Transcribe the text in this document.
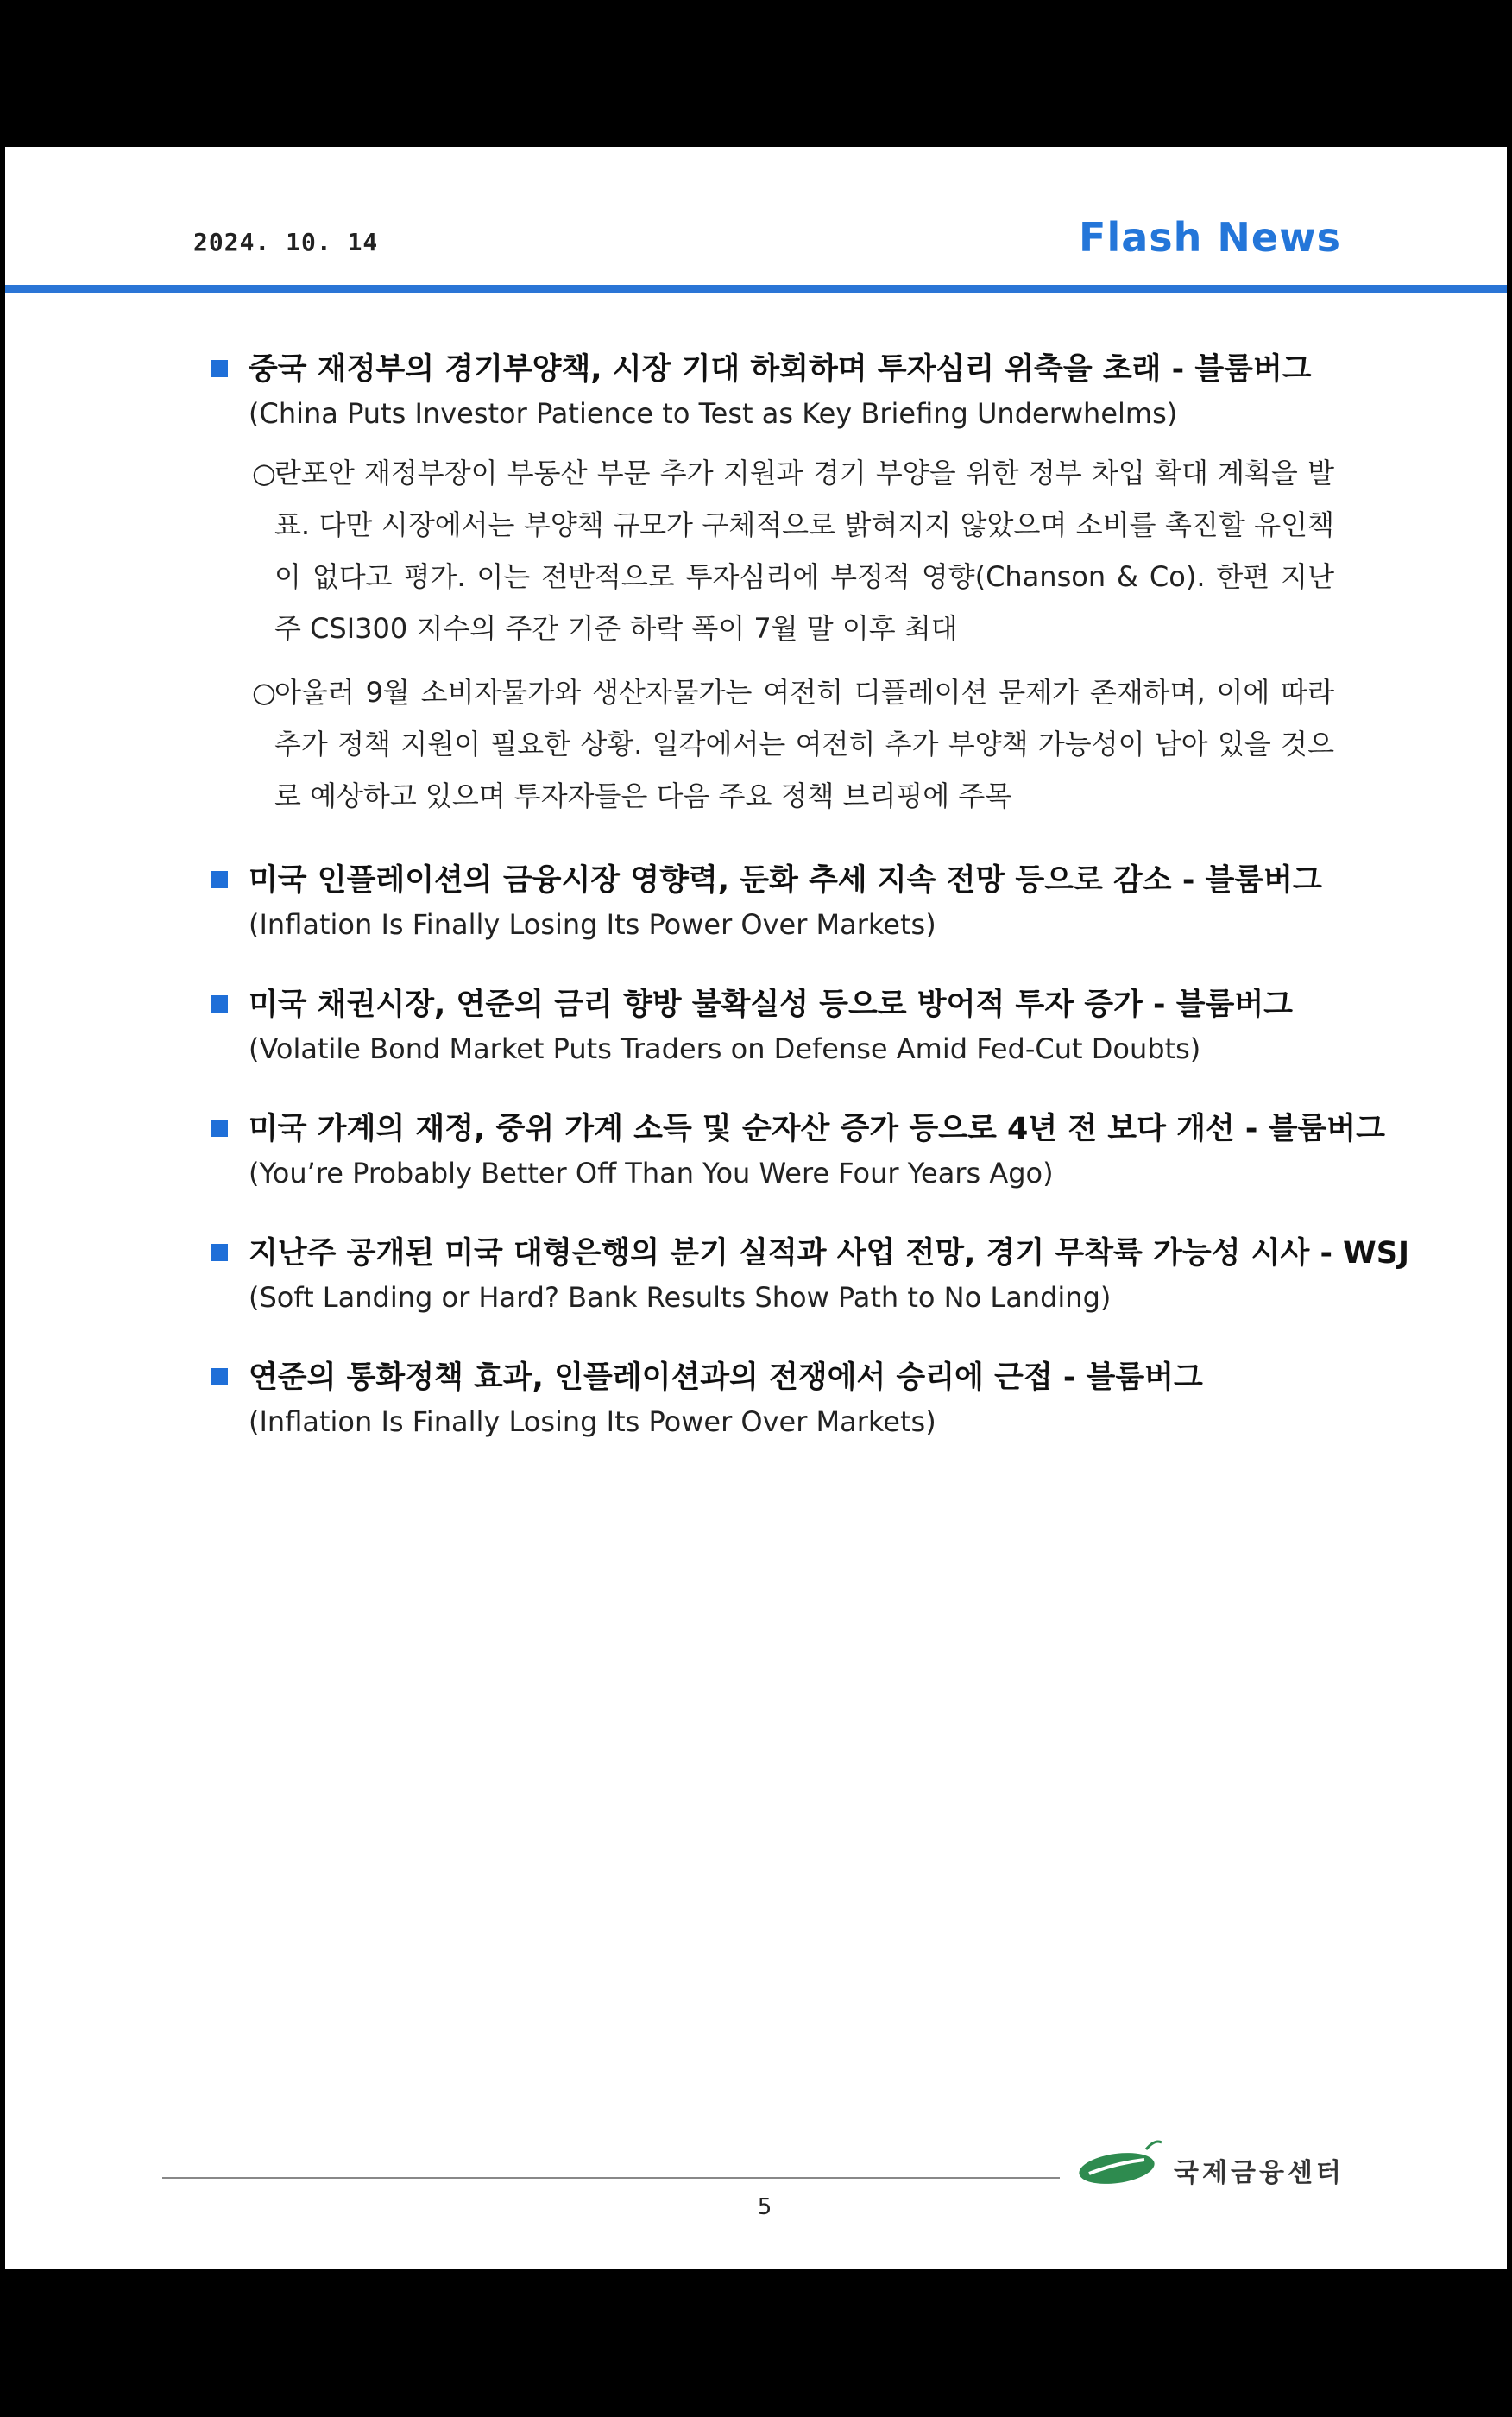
2024. 10. 14	Flash News
중국 재정부의 경기부양책, 시장 기대 하회하며 투자심리 위축을 초래 - 블룸버그
(China Puts Investor Patience to Test as Key Briefing Underwhelms)
○
란포안 재정부장이 부동산 부문 추가 지원과 경기 부양을 위한 정부 차입 확대 계획을 발표. 다만 시장에서는 부양책 규모가 구체적으로 밝혀지지 않았으며 소비를 촉진할 유인책이 없다고 평가. 이는 전반적으로 투자심리에 부정적 영향(Chanson & Co). 한편 지난 주 CSI300 지수의 주간 기준 하락 폭이 7월 말 이후 최대
○
아울러 9월 소비자물가와 생산자물가는 여전히 디플레이션 문제가 존재하며, 이에 따라 추가 정책 지원이 필요한 상황. 일각에서는 여전히 추가 부양책 가능성이 남아 있을 것으로 예상하고 있으며 투자자들은 다음 주요 정책 브리핑에 주목
미국 인플레이션의 금융시장 영향력, 둔화 추세 지속 전망 등으로 감소 - 블룸버그
(Inflation Is Finally Losing Its Power Over Markets)
미국 채권시장, 연준의 금리 향방 불확실성 등으로 방어적 투자 증가 - 블룸버그
(Volatile Bond Market Puts Traders on Defense Amid Fed-Cut Doubts)
미국 가계의 재정, 중위 가계 소득 및 순자산 증가 등으로 4년 전 보다 개선 - 블룸버그
(You’re Probably Better Off Than You Were Four Years Ago)
지난주 공개된 미국 대형은행의 분기 실적과 사업 전망, 경기 무착륙 가능성 시사 - WSJ
(Soft Landing or Hard? Bank Results Show Path to No Landing)
연준의 통화정책 효과, 인플레이션과의 전쟁에서 승리에 근접 - 블룸버그
(Inflation Is Finally Losing Its Power Over Markets)
5
국제금융센터
